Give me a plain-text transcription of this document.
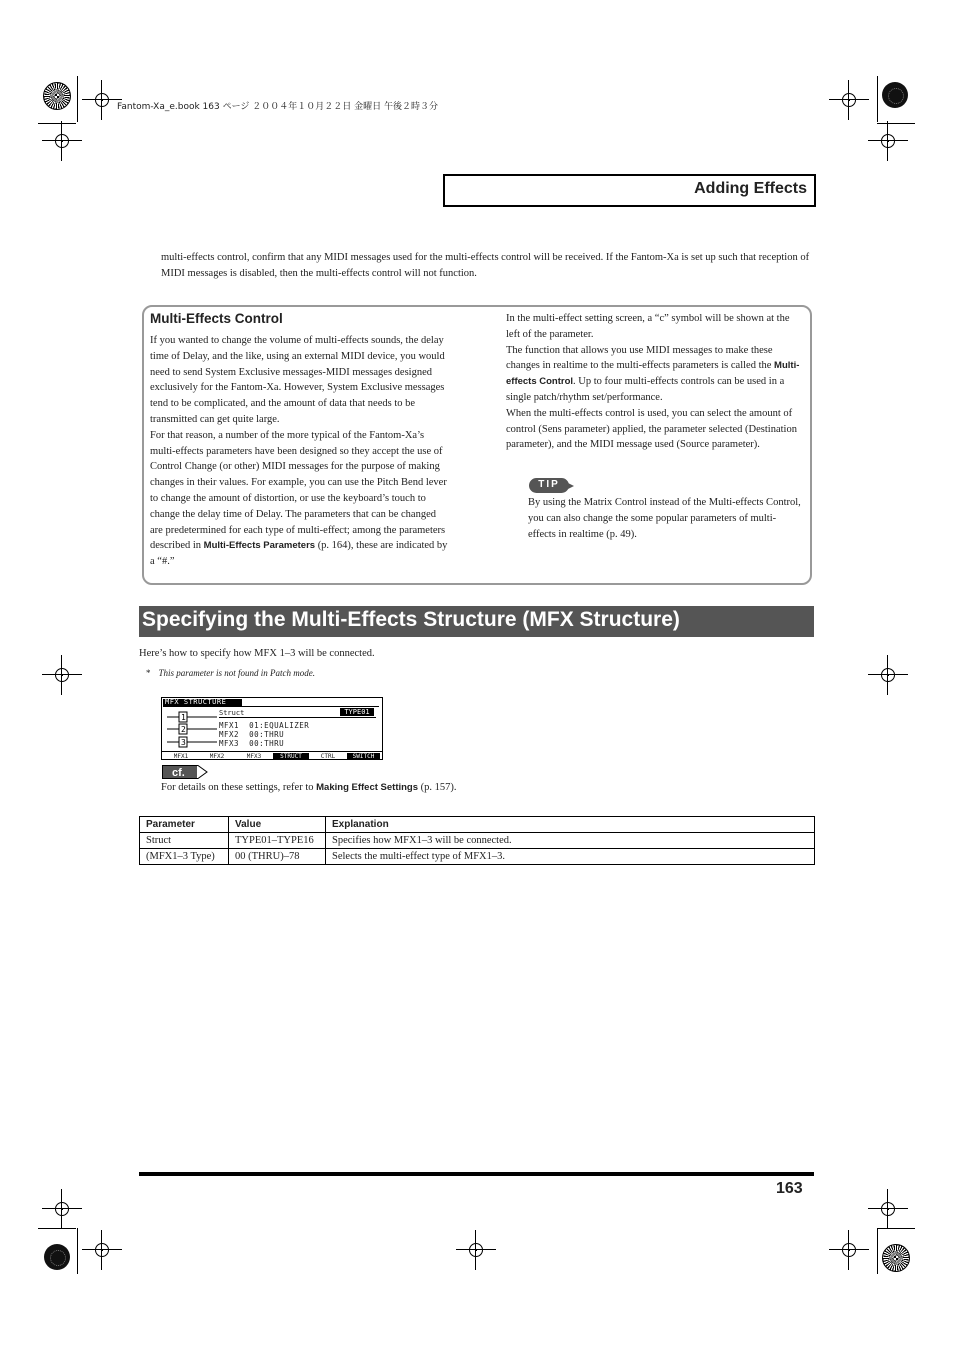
Fantom-Xa_e.book 163 ページ ２００４年１０月２２日 金曜日 午後２時３分
Adding Effects
multi-effects control, confirm that any MIDI messages used for the multi-effects control will be received. If the Fantom-Xa is set up such that reception of MIDI messages is disabled, then the multi-effects control will not function.
Multi-Effects Control
If you wanted to change the volume of multi-effects sounds, the delay time of Delay, and the like, using an external MIDI device, you would need to send System Exclusive messages-MIDI messages designed exclusively for the Fantom-Xa. However, System Exclusive messages tend to be complicated, and the amount of data that needs to be transmitted can get quite large.
For that reason, a number of the more typical of the Fantom-Xa’s multi-effects parameters have been designed so they accept the use of Control Change (or other) MIDI messages for the purpose of making changes in their values. For example, you can use the Pitch Bend lever to change the amount of distortion, or use the keyboard’s touch to change the delay time of Delay. The parameters that can be changed are predetermined for each type of multi-effect; among the parameters described in Multi-Effects Parameters (p. 164), these are indicated by a “#.”
In the multi-effect setting screen, a “c” symbol will be shown at the left of the parameter.
The function that allows you use MIDI messages to make these changes in realtime to the multi-effects parameters is called the Multi-effects Control. Up to four multi-effects controls can be used in a single patch/rhythm set/performance.
When the multi-effects control is used, you can select the amount of control (Sens parameter) applied, the parameter selected (Destination parameter), and the MIDI message used (Source parameter).
TIP
By using the Matrix Control instead of the Multi-effects Control, you can also change the some popular parameters of multi-effects in realtime (p. 49).
Specifying the Multi-Effects Structure (MFX Structure)
Here’s how to specify how MFX 1–3 will be connected.
* This parameter is not found in Patch mode.
MFX STRUCTURE
Struct	TYPE01
1
2
3
MFX1  01:EQUALIZER
MFX2  00:THRU
MFX3  00:THRU
MFX1	MFX2	MFX3	STRUCT	CTRL	SWITCH
cf.
For details on these settings, refer to Making Effect Settings (p. 157).
Parameter	Value	Explanation
Struct	TYPE01–TYPE16	Specifies how MFX1–3 will be connected.
(MFX1–3 Type)	00 (THRU)–78	Selects the multi-effect type of MFX1–3.
163
